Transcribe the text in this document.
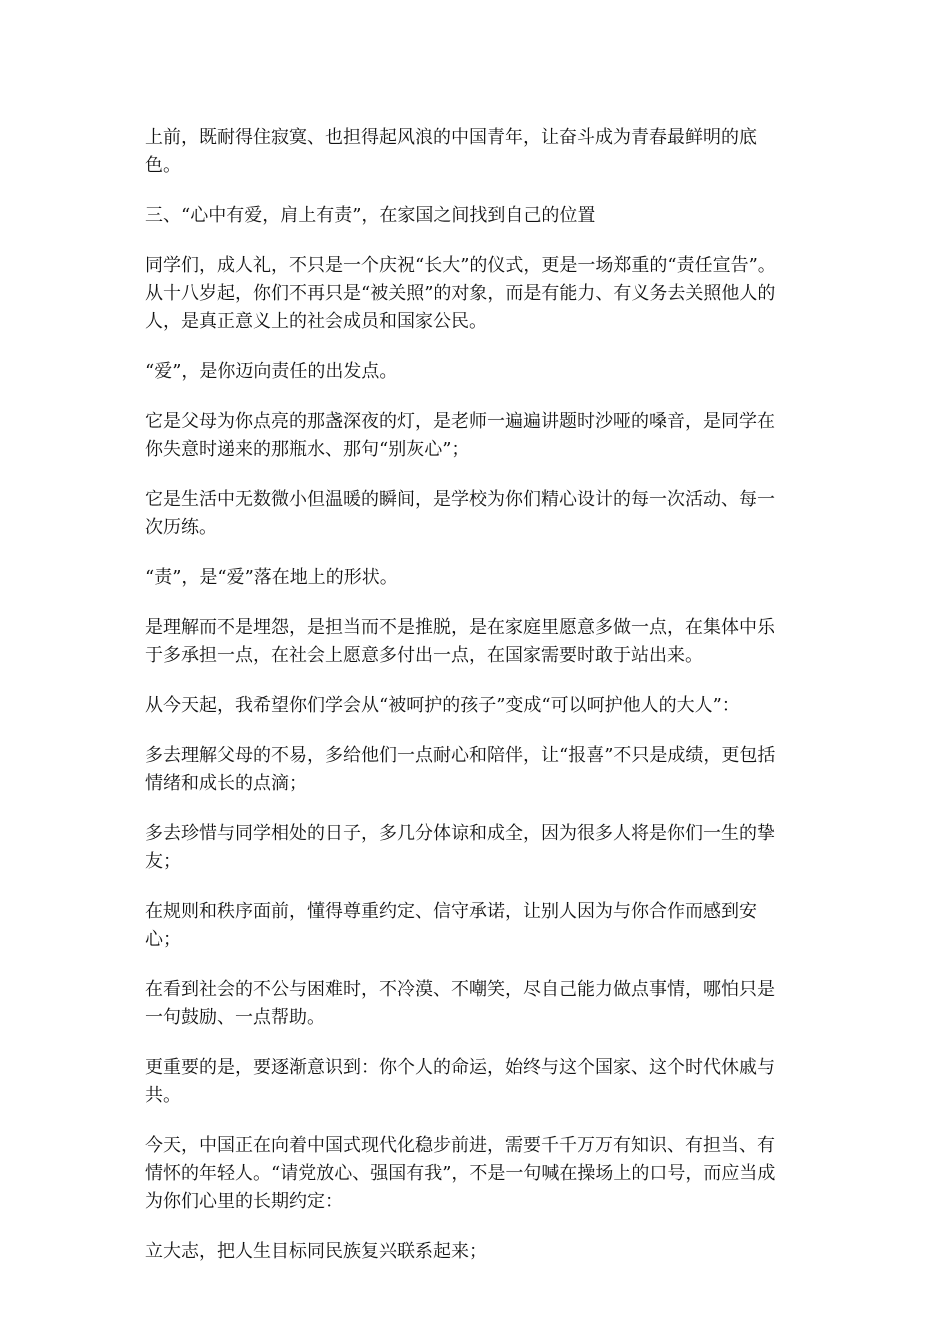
上前，既耐得住寂寞、也担得起风浪的中国青年，让奋斗成为青春最鲜明的底色。

三、“心中有爱，肩上有责”，在家国之间找到自己的位置

同学们，成人礼，不只是一个庆祝“长大”的仪式，更是一场郑重的“责任宣告”。从十八岁起，你们不再只是“被关照”的对象，而是有能力、有义务去关照他人的人，是真正意义上的社会成员和国家公民。

“爱”，是你迈向责任的出发点。

它是父母为你点亮的那盏深夜的灯，是老师一遍遍讲题时沙哑的嗓音，是同学在你失意时递来的那瓶水、那句“别灰心”；

它是生活中无数微小但温暖的瞬间，是学校为你们精心设计的每一次活动、每一次历练。

“责”，是“爱”落在地上的形状。

是理解而不是埋怨，是担当而不是推脱，是在家庭里愿意多做一点，在集体中乐于多承担一点，在社会上愿意多付出一点，在国家需要时敢于站出来。

从今天起，我希望你们学会从“被呵护的孩子”变成“可以呵护他人的大人”：

多去理解父母的不易，多给他们一点耐心和陪伴，让“报喜”不只是成绩，更包括情绪和成长的点滴；

多去珍惜与同学相处的日子，多几分体谅和成全，因为很多人将是你们一生的挚友；

在规则和秩序面前，懂得尊重约定、信守承诺，让别人因为与你合作而感到安心；

在看到社会的不公与困难时，不冷漠、不嘲笑，尽自己能力做点事情，哪怕只是一句鼓励、一点帮助。

更重要的是，要逐渐意识到：你个人的命运，始终与这个国家、这个时代休戚与共。

今天，中国正在向着中国式现代化稳步前进，需要千千万万有知识、有担当、有情怀的年轻人。“请党放心、强国有我”，不是一句喊在操场上的口号，而应当成为你们心里的长期约定：

立大志，把人生目标同民族复兴联系起来；
